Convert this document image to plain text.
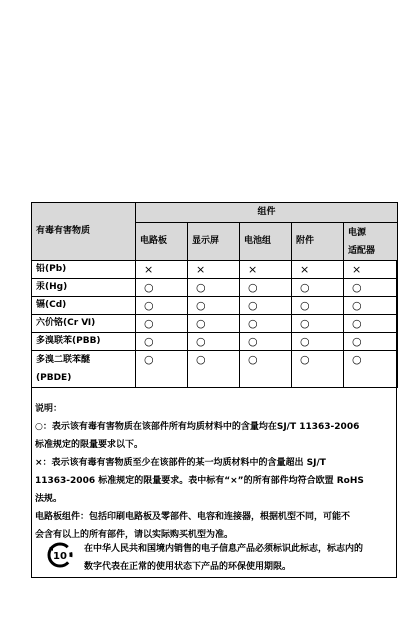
有毒有害物质	组件				
	电路板	显示屏	电池组	附件	电源
适配器

铅(Pb)	×	×	×	×	×
汞(Hg)	○	○	○	○	○
镉(Cd)	○	○	○	○	○
六价铬(Cr Ⅵ)	○	○	○	○	○
多溴联苯(PBB)	○	○	○	○	○

多溴二联苯醚
(PBDE)	○	○	○	○	○
说明：
○：表示该有毒有害物质在该部件所有均质材料中的含量均在SJ/T 11363-2006
标准规定的限量要求以下。
×：表示该有毒有害物质至少在该部件的某一均质材料中的含量超出 SJ/T
11363-2006 标准规定的限量要求。表中标有“×”的所有部件均符合欧盟 RoHS
法规。
电路板组件：包括印刷电路板及零部件、电容和连接器，根据机型不同，可能不
会含有以上的所有部件，请以实际购买机型为准。
10
在中华人民共和国境内销售的电子信息产品必须标识此标志，标志内的
数字代表在正常的使用状态下产品的环保使用期限。
